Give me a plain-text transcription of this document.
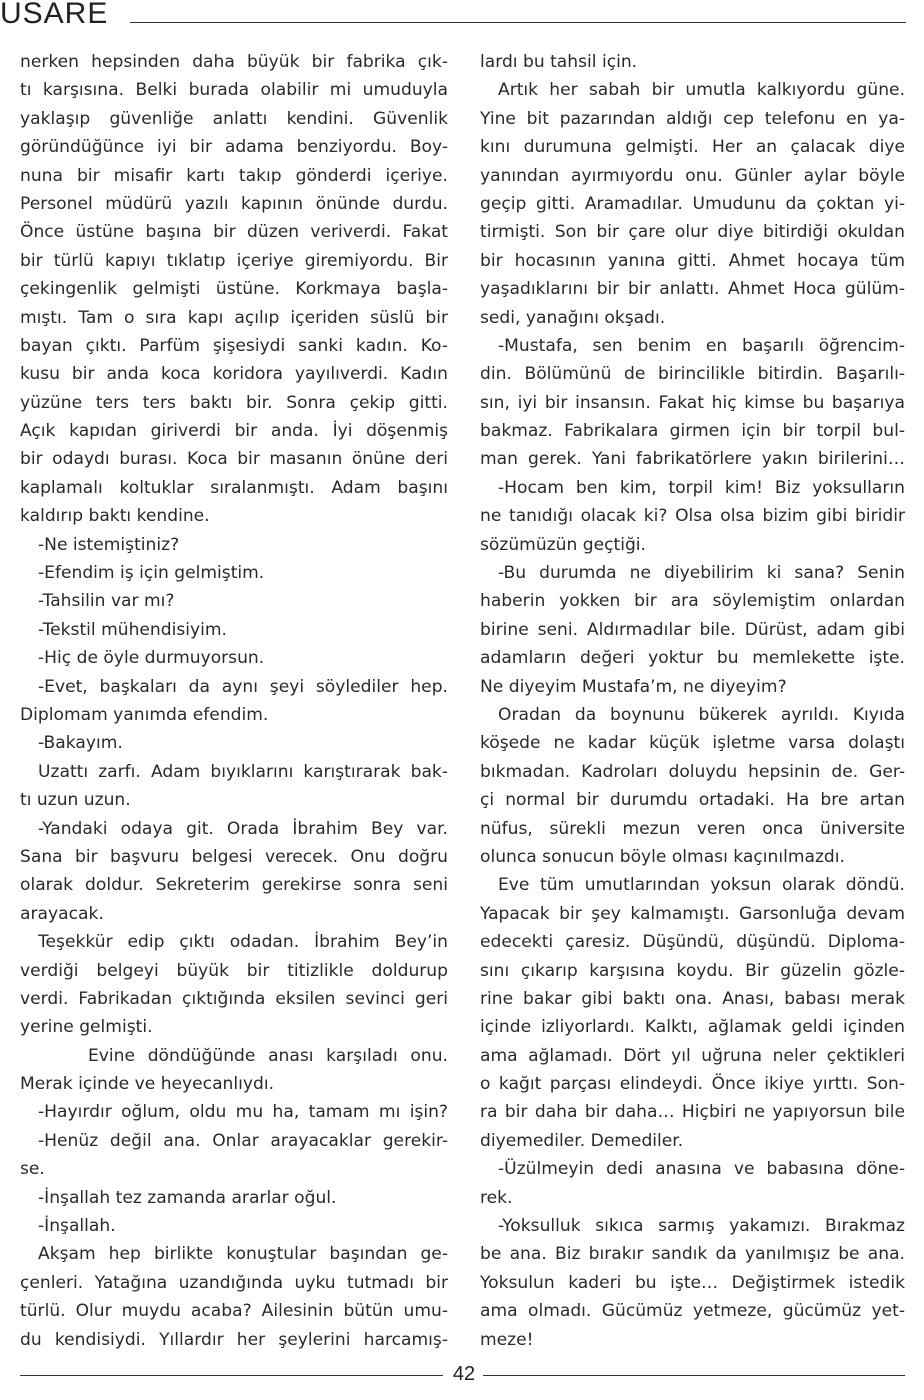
USARE
nerken hepsinden daha büyük bir fabrika çık-
tı karşısına. Belki burada olabilir mi umuduyla
yaklaşıp güvenliğe anlattı kendini. Güvenlik
göründüğünce iyi bir adama benziyordu. Boy-
nuna bir misafir kartı takıp gönderdi içeriye.
Personel müdürü yazılı kapının önünde durdu.
Önce üstüne başına bir düzen veriverdi. Fakat
bir türlü kapıyı tıklatıp içeriye giremiyordu. Bir
çekingenlik gelmişti üstüne. Korkmaya başla-
mıştı. Tam o sıra kapı açılıp içeriden süslü bir
bayan çıktı. Parfüm şişesiydi sanki kadın. Ko-
kusu bir anda koca koridora yayılıverdi. Kadın
yüzüne ters ters baktı bir. Sonra çekip gitti.
Açık kapıdan giriverdi bir anda. İyi döşenmiş
bir odaydı burası. Koca bir masanın önüne deri
kaplamalı koltuklar sıralanmıştı. Adam başını
kaldırıp baktı kendine.
-Ne istemiştiniz?
-Efendim iş için gelmiştim.
-Tahsilin var mı?
-Tekstil mühendisiyim.
-Hiç de öyle durmuyorsun.
-Evet, başkaları da aynı şeyi söylediler hep.
Diplomam yanımda efendim.
-Bakayım.
Uzattı zarfı. Adam bıyıklarını karıştırarak bak-
tı uzun uzun.
-Yandaki odaya git. Orada İbrahim Bey var.
Sana bir başvuru belgesi verecek. Onu doğru
olarak doldur. Sekreterim gerekirse sonra seni
arayacak.
Teşekkür edip çıktı odadan. İbrahim Bey’in
verdiği belgeyi büyük bir titizlikle doldurup
verdi. Fabrikadan çıktığında eksilen sevinci geri
yerine gelmişti.
Evine döndüğünde anası karşıladı onu.
Merak içinde ve heyecanlıydı.
-Hayırdır oğlum, oldu mu ha, tamam mı işin?
-Henüz değil ana. Onlar arayacaklar gerekir-
se.
-İnşallah tez zamanda ararlar oğul.
-İnşallah.
Akşam hep birlikte konuştular başından ge-
çenleri. Yatağına uzandığında uyku tutmadı bir
türlü. Olur muydu acaba? Ailesinin bütün umu-
du kendisiydi. Yıllardır her şeylerini harcamış-
lardı bu tahsil için.
Artık her sabah bir umutla kalkıyordu güne.
Yine bit pazarından aldığı cep telefonu en ya-
kını durumuna gelmişti. Her an çalacak diye
yanından ayırmıyordu onu. Günler aylar böyle
geçip gitti. Aramadılar. Umudunu da çoktan yi-
tirmişti. Son bir çare olur diye bitirdiği okuldan
bir hocasının yanına gitti. Ahmet hocaya tüm
yaşadıklarını bir bir anlattı. Ahmet Hoca gülüm-
sedi, yanağını okşadı.
-Mustafa, sen benim en başarılı öğrencim-
din. Bölümünü de birincilikle bitirdin. Başarılı-
sın, iyi bir insansın. Fakat hiç kimse bu başarıya
bakmaz. Fabrikalara girmen için bir torpil bul-
man gerek. Yani fabrikatörlere yakın birilerini…
-Hocam ben kim, torpil kim! Biz yoksulların
ne tanıdığı olacak ki? Olsa olsa bizim gibi biridir
sözümüzün geçtiği.
-Bu durumda ne diyebilirim ki sana? Senin
haberin yokken bir ara söylemiştim onlardan
birine seni. Aldırmadılar bile. Dürüst, adam gibi
adamların değeri yoktur bu memlekette işte.
Ne diyeyim Mustafa’m, ne diyeyim?
Oradan da boynunu bükerek ayrıldı. Kıyıda
köşede ne kadar küçük işletme varsa dolaştı
bıkmadan. Kadroları doluydu hepsinin de. Ger-
çi normal bir durumdu ortadaki. Ha bre artan
nüfus, sürekli mezun veren onca üniversite
olunca sonucun böyle olması kaçınılmazdı.
Eve tüm umutlarından yoksun olarak döndü.
Yapacak bir şey kalmamıştı. Garsonluğa devam
edecekti çaresiz. Düşündü, düşündü. Diploma-
sını çıkarıp karşısına koydu. Bir güzelin gözle-
rine bakar gibi baktı ona. Anası, babası merak
içinde izliyorlardı. Kalktı, ağlamak geldi içinden
ama ağlamadı. Dört yıl uğruna neler çektikleri
o kağıt parçası elindeydi. Önce ikiye yırttı. Son-
ra bir daha bir daha… Hiçbiri ne yapıyorsun bile
diyemediler. Demediler.
-Üzülmeyin dedi anasına ve babasına döne-
rek.
-Yoksulluk sıkıca sarmış yakamızı. Bırakmaz
be ana. Biz bırakır sandık da yanılmışız be ana.
Yoksulun kaderi bu işte… Değiştirmek istedik
ama olmadı. Gücümüz yetmeze, gücümüz yet-
meze!
42
